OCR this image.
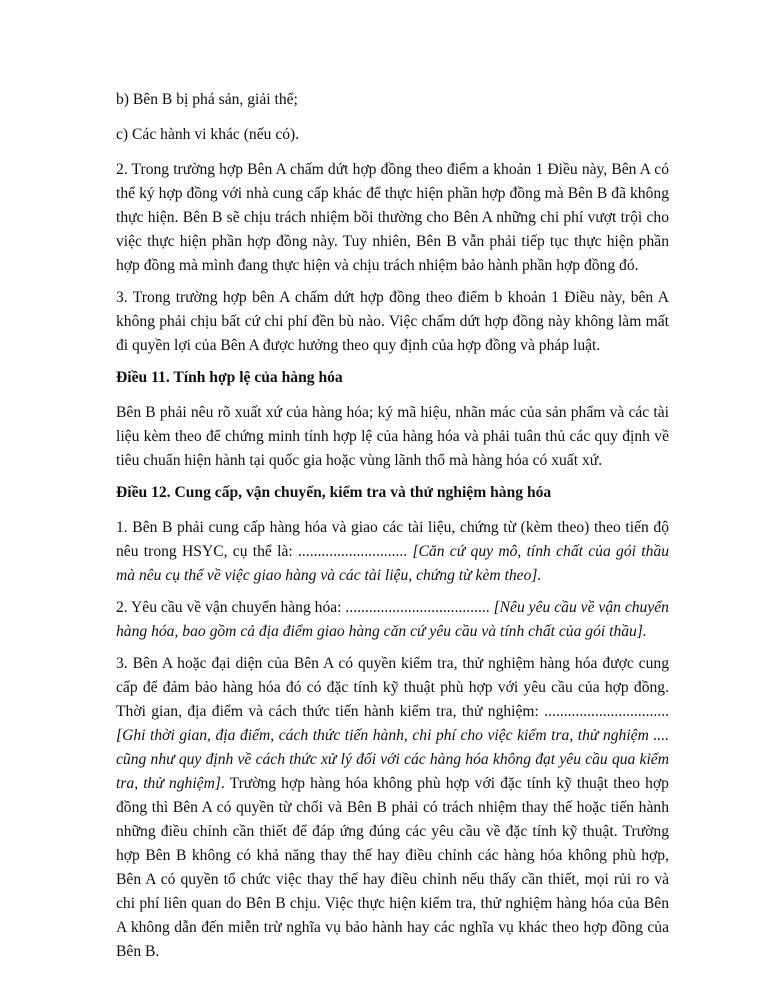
b) Bên B bị phá sản, giải thể;

c) Các hành vi khác (nếu có).

2. Trong trường hợp Bên A chấm dứt hợp đồng theo điểm a khoản 1 Điều này, Bên A có thể ký hợp đồng với nhà cung cấp khác để thực hiện phần hợp đồng mà Bên B đã không thực hiện. Bên B sẽ chịu trách nhiệm bồi thường cho Bên A những chi phí vượt trội cho việc thực hiện phần hợp đồng này. Tuy nhiên, Bên B vẫn phải tiếp tục thực hiện phần hợp đồng mà mình đang thực hiện và chịu trách nhiệm bảo hành phần hợp đồng đó.

3. Trong trường hợp bên A chấm dứt hợp đồng theo điểm b khoản 1 Điều này, bên A không phải chịu bất cứ chi phí đền bù nào. Việc chấm dứt hợp đồng này không làm mất đi quyền lợi của Bên A được hưởng theo quy định của hợp đồng và pháp luật.

Điều 11. Tính hợp lệ của hàng hóa

Bên B phải nêu rõ xuất xứ của hàng hóa; ký mã hiệu, nhãn mác của sản phẩm và các tài liệu kèm theo để chứng minh tính hợp lệ của hàng hóa và phải tuân thủ các quy định về tiêu chuẩn hiện hành tại quốc gia hoặc vùng lãnh thổ mà hàng hóa có xuất xứ.

Điều 12. Cung cấp, vận chuyển, kiểm tra và thử nghiệm hàng hóa

1. Bên B phải cung cấp hàng hóa và giao các tài liệu, chứng từ (kèm theo) theo tiến độ nêu trong HSYC, cụ thể là: ............................ [Căn cứ quy mô, tính chất của gói thầu mà nêu cụ thể về việc giao hàng và các tài liệu, chứng từ kèm theo].

2. Yêu cầu về vận chuyển hàng hóa: ..................................... [Nêu yêu cầu về vận chuyển hàng hóa, bao gồm cả địa điểm giao hàng căn cứ yêu cầu và tính chất của gói thầu].

3. Bên A hoặc đại diện của Bên A có quyền kiểm tra, thử nghiệm hàng hóa được cung cấp để đảm bảo hàng hóa đó có đặc tính kỹ thuật phù hợp với yêu cầu của hợp đồng. Thời gian, địa điểm và cách thức tiến hành kiểm tra, thử nghiệm: ................................ [Ghi thời gian, địa điểm, cách thức tiến hành, chi phí cho việc kiểm tra, thử nghiệm .... cũng như quy định về cách thức xử lý đối với các hàng hóa không đạt yêu cầu qua kiểm tra, thử nghiệm]. Trường hợp hàng hóa không phù hợp với đặc tính kỹ thuật theo hợp đồng thì Bên A có quyền từ chối và Bên B phải có trách nhiệm thay thế hoặc tiến hành những điều chỉnh cần thiết để đáp ứng đúng các yêu cầu về đặc tính kỹ thuật. Trường hợp Bên B không có khả năng thay thế hay điều chỉnh các hàng hóa không phù hợp, Bên A có quyền tổ chức việc thay thế hay điều chỉnh nếu thấy cần thiết, mọi rủi ro và chi phí liên quan do Bên B chịu. Việc thực hiện kiểm tra, thử nghiệm hàng hóa của Bên A không dẫn đến miễn trừ nghĩa vụ bảo hành hay các nghĩa vụ khác theo hợp đồng của Bên B.
